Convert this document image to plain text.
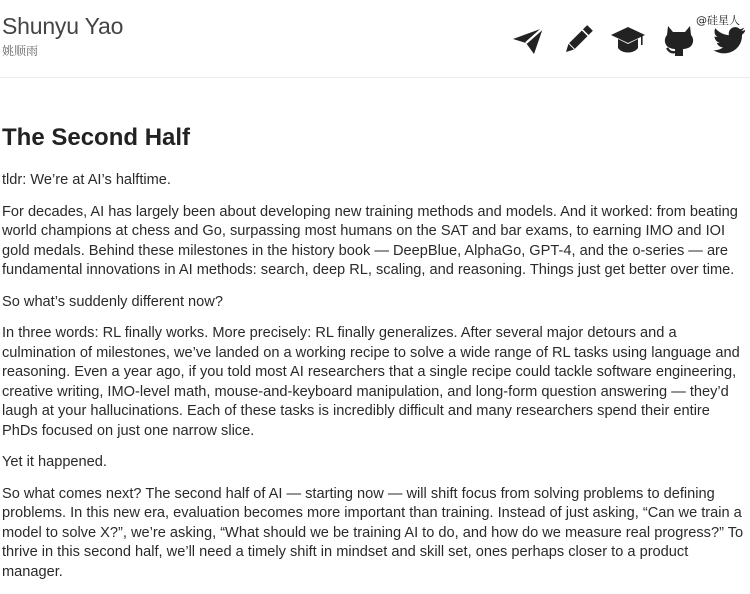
Shunyu Yao
姚顺雨
@硅星人
The Second Half

tldr: We’re at AI’s halftime.

For decades, AI has largely been about developing new training methods and models. And it worked: from beating world champions at chess and Go, surpassing most humans on the SAT and bar exams, to earning IMO and IOI gold medals. Behind these milestones in the history book — DeepBlue, AlphaGo, GPT-4, and the o-series — are fundamental innovations in AI methods: search, deep RL, scaling, and reasoning. Things just get better over time.

So what’s suddenly different now?

In three words: RL finally works. More precisely: RL finally generalizes. After several major detours and a culmination of milestones, we’ve landed on a working recipe to solve a wide range of RL tasks using language and reasoning. Even a year ago, if you told most AI researchers that a single recipe could tackle software engineering, creative writing, IMO-level math, mouse-and-keyboard manipulation, and long-form question answering — they’d laugh at your hallucinations. Each of these tasks is incredibly difficult and many researchers spend their entire PhDs focused on just one narrow slice.

Yet it happened.

So what comes next? The second half of AI — starting now — will shift focus from solving problems to defining problems. In this new era, evaluation becomes more important than training. Instead of just asking, “Can we train a model to solve X?”, we’re asking, “What should we be training AI to do, and how do we measure real progress?” To thrive in this second half, we’ll need a timely shift in mindset and skill set, ones perhaps closer to a product manager.
